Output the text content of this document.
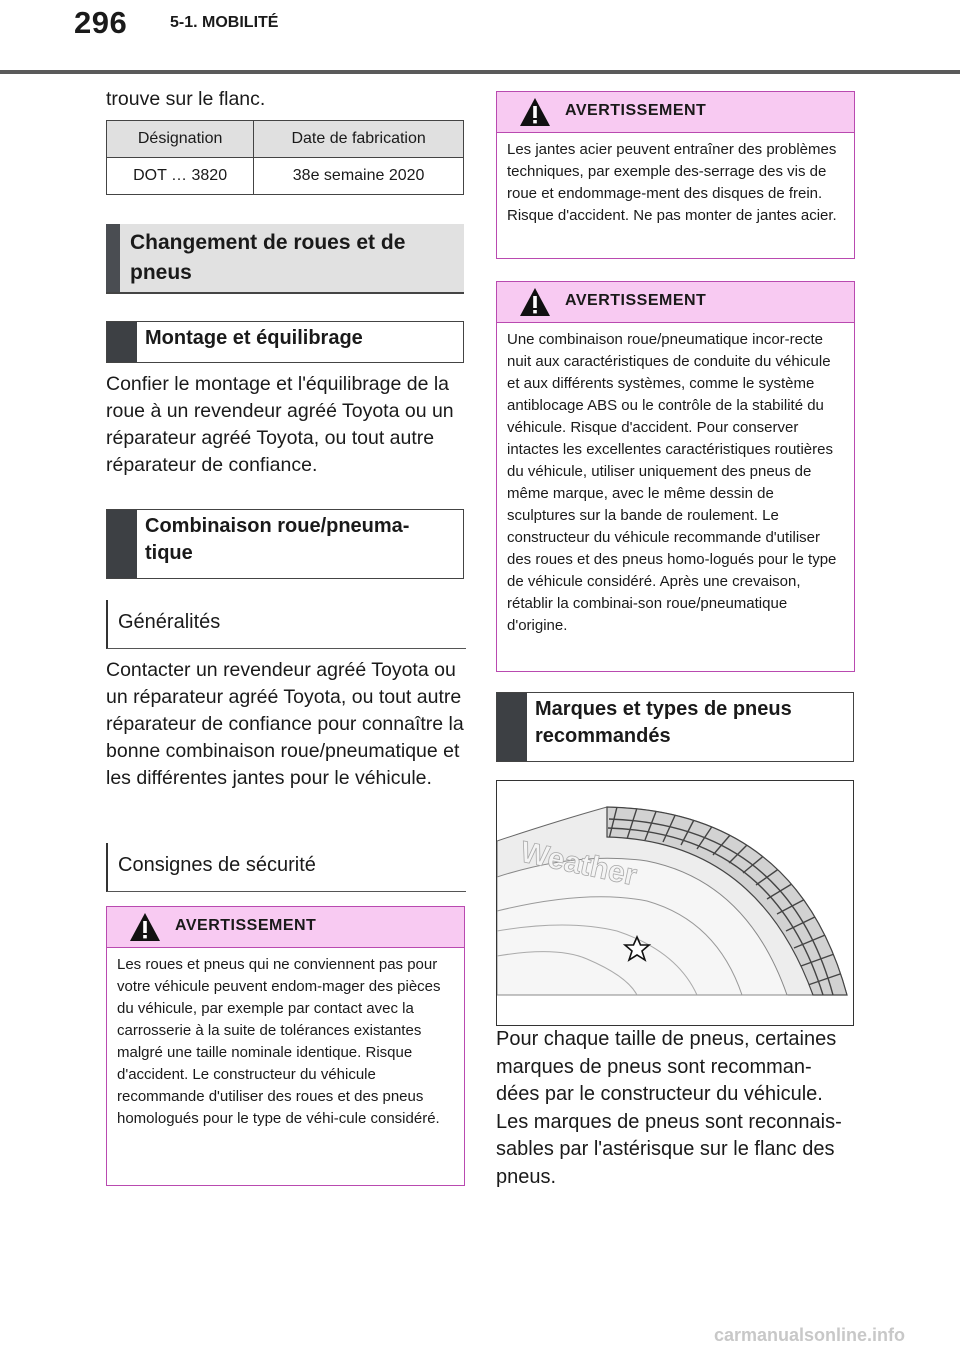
296	5-1. MOBILITÉ
trouve sur le flanc.
Désignation	Date de fabrication
DOT … 3820	38e semaine 2020
Changement de roues et de pneus
Montage et équilibrage
Confier le montage et l'équilibrage de la roue à un revendeur agréé Toyota ou un réparateur agréé Toyota, ou tout autre réparateur de confiance.
Combinaison roue/pneuma-
tique
Généralités
Contacter un revendeur agréé Toyota ou un réparateur agréé Toyota, ou tout autre réparateur de confiance pour connaître la bonne combinaison roue/pneumatique et les différentes jantes pour le véhicule.
Consignes de sécurité
AVERTISSEMENT
Les roues et pneus qui ne conviennent pas pour votre véhicule peuvent endom-mager des pièces du véhicule, par exemple par contact avec la carrosserie à la suite de tolérances existantes malgré une taille nominale identique. Risque d'accident. Le constructeur du véhicule recommande d'utiliser des roues et des pneus homologués pour le type de véhi-cule considéré.
AVERTISSEMENT
Les jantes acier peuvent entraîner des problèmes techniques, par exemple des-serrage des vis de roue et endommage-ment des disques de frein. Risque d'accident. Ne pas monter de jantes acier.
AVERTISSEMENT
Une combinaison roue/pneumatique incor-recte nuit aux caractéristiques de conduite du véhicule et aux différents systèmes, comme le système antiblocage ABS ou le contrôle de la stabilité du véhicule. Risque d'accident. Pour conserver intactes les excellentes caractéristiques routières du véhicule, utiliser uniquement des pneus de même marque, avec le même dessin de sculptures sur la bande de roulement. Le constructeur du véhicule recommande d'utiliser des roues et des pneus homo-logués pour le type de véhicule considéré. Après une crevaison, rétablir la combinai-son roue/pneumatique d'origine.
Marques et types de pneus recommandés
Weather
Pour chaque taille de pneus, certaines marques de pneus sont recomman-dées par le constructeur du véhicule. Les marques de pneus sont reconnais-sables par l'astérisque sur le flanc des pneus.
carmanualsonline.info
